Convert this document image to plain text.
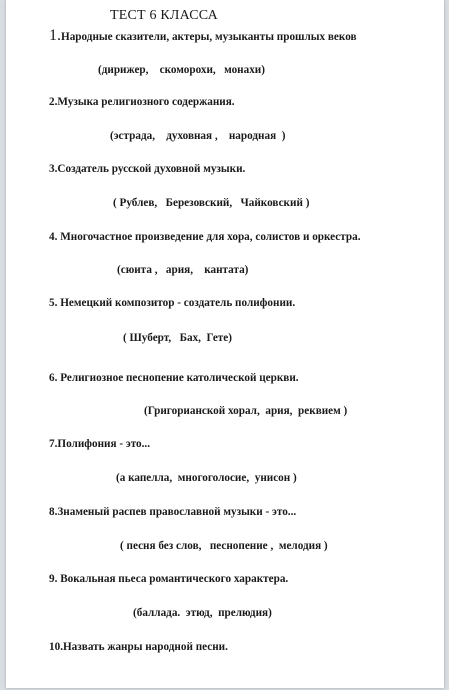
ТЕСТ 6 КЛАССА
1.Народные сказители, актеры, музыканты прошлых веков
(дирижер,    скоморохи,   монахи)
2.Музыка религиозного содержания.
(эстрада,    духовная ,    народная  )
3.Создатель русской духовной музыки.
( Рублев,   Березовский,   Чайковский )
4. Многочастное произведение для хора, солистов и оркестра.
(сюита ,   ария,    кантата)
5. Немецкий композитор - создатель полифонии.
( Шуберт,   Бах,  Гете)
6. Религиозное песнопение католической церкви.
(Григорианской хорал,  ария,  реквием )
7.Полифония - это...
(а капелла,  многоголосие,  унисон )
8.Знаменый распев православной музыки - это...
( песня без слов,   песнопение ,  мелодия )
9. Вокальная пьеса романтического характера.
(баллада.  этюд,  прелюдия)
10.Назвать жанры народной песни.
